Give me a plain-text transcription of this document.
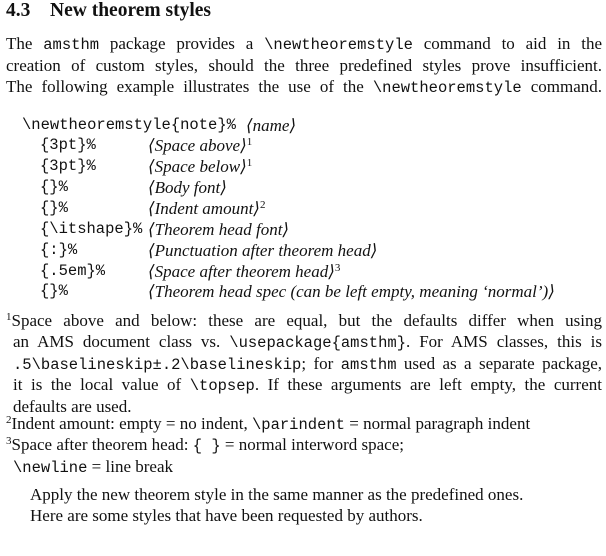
4.3 New theorem styles
The amsthm package provides a \newtheoremstyle command to aid in the
creation of custom styles, should the three predefined styles prove insufficient.
The following example illustrates the use of the \newtheoremstyle command.
\newtheoremstyle{note}% ⟨name⟩
{3pt}%	⟨Space above⟩$^1$
{3pt}%	⟨Space below⟩$^1$
{}%	⟨Body font⟩
{}%	⟨Indent amount⟩$^2$
{\itshape}% ⟨Theorem head font⟩
{:}%	⟨Punctuation after theorem head⟩
{.5em}%	⟨Space after theorem head⟩$^3$
{}%	⟨Theorem head spec (can be left empty, meaning ‘normal’)⟩
$^1$Space above and below: these are equal, but the defaults differ when using
an AMS document class vs. \usepackage{amsthm}. For AMS classes, this is
.5\baselineskip±.2\baselineskip; for amsthm used as a separate package,
it is the local value of \topsep. If these arguments are left empty, the current
defaults are used.
$^2$Indent amount: empty = no indent, \parindent = normal paragraph indent
$^3$Space after theorem head: { } = normal interword space;
\newline = line break
Apply the new theorem style in the same manner as the predefined ones.
Here are some styles that have been requested by authors.
